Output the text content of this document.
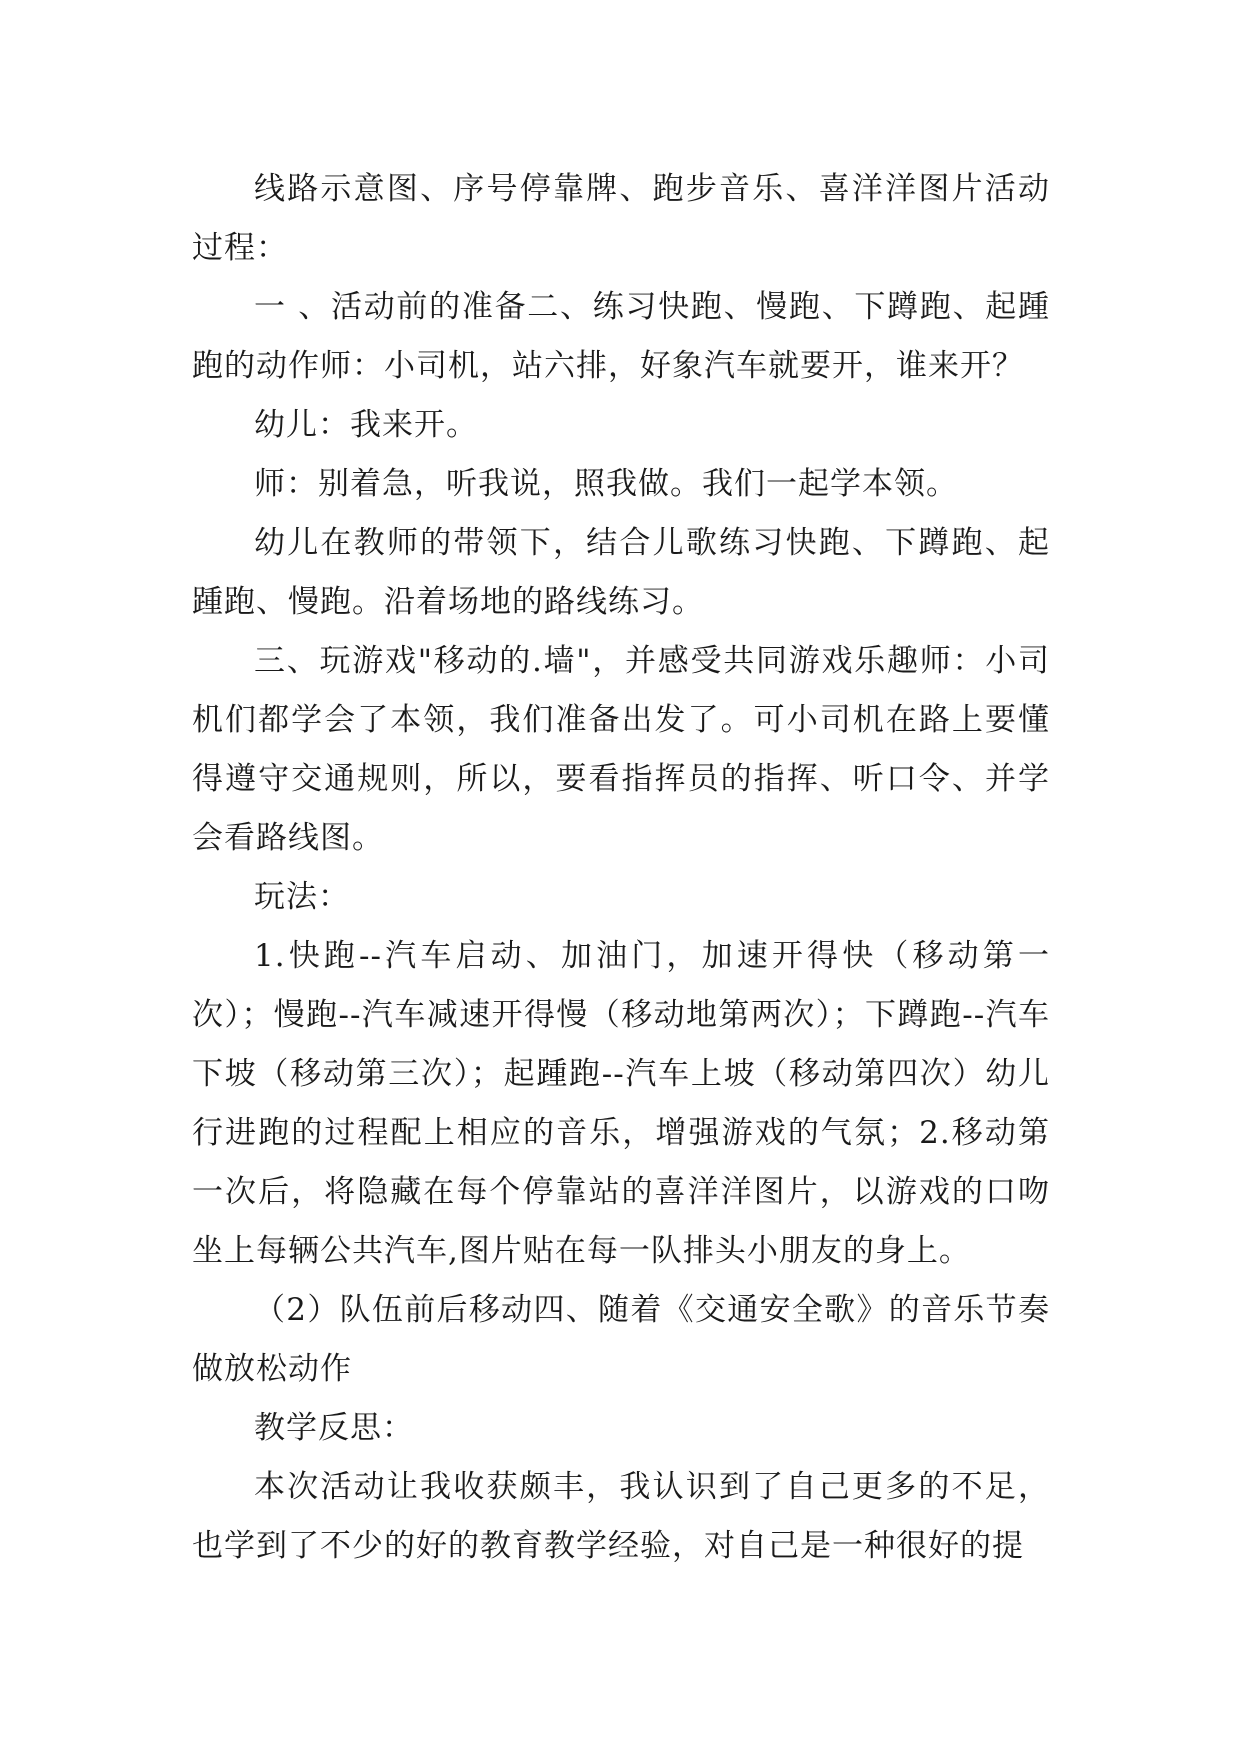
线路示意图、序号停靠牌、跑步音乐、喜洋洋图片活动过程：

一 、活动前的准备二、练习快跑、慢跑、下蹲跑、起踵跑的动作师：小司机，站六排，好象汽车就要开，谁来开？

幼儿：我来开。

师：别着急，听我说，照我做。我们一起学本领。

幼儿在教师的带领下，结合儿歌练习快跑、下蹲跑、起踵跑、慢跑。沿着场地的路线练习。

三、玩游戏"移动的.墙"，并感受共同游戏乐趣师：小司机们都学会了本领，我们准备出发了。可小司机在路上要懂得遵守交通规则，所以，要看指挥员的指挥、听口令、并学会看路线图。

玩法：

1.快跑--汽车启动、加油门，加速开得快（移动第一次）；慢跑--汽车减速开得慢（移动地第两次）；下蹲跑--汽车下坡（移动第三次）；起踵跑--汽车上坡（移动第四次）幼儿行进跑的过程配上相应的音乐，增强游戏的气氛；2.移动第一次后，将隐藏在每个停靠站的喜洋洋图片，以游戏的口吻坐上每辆公共汽车,图片贴在每一队排头小朋友的身上。

（2）队伍前后移动四、随着《交通安全歌》的音乐节奏做放松动作

教学反思：

本次活动让我收获颇丰，我认识到了自己更多的不足，也学到了不少的好的教育教学经验，对自己是一种很好的提
